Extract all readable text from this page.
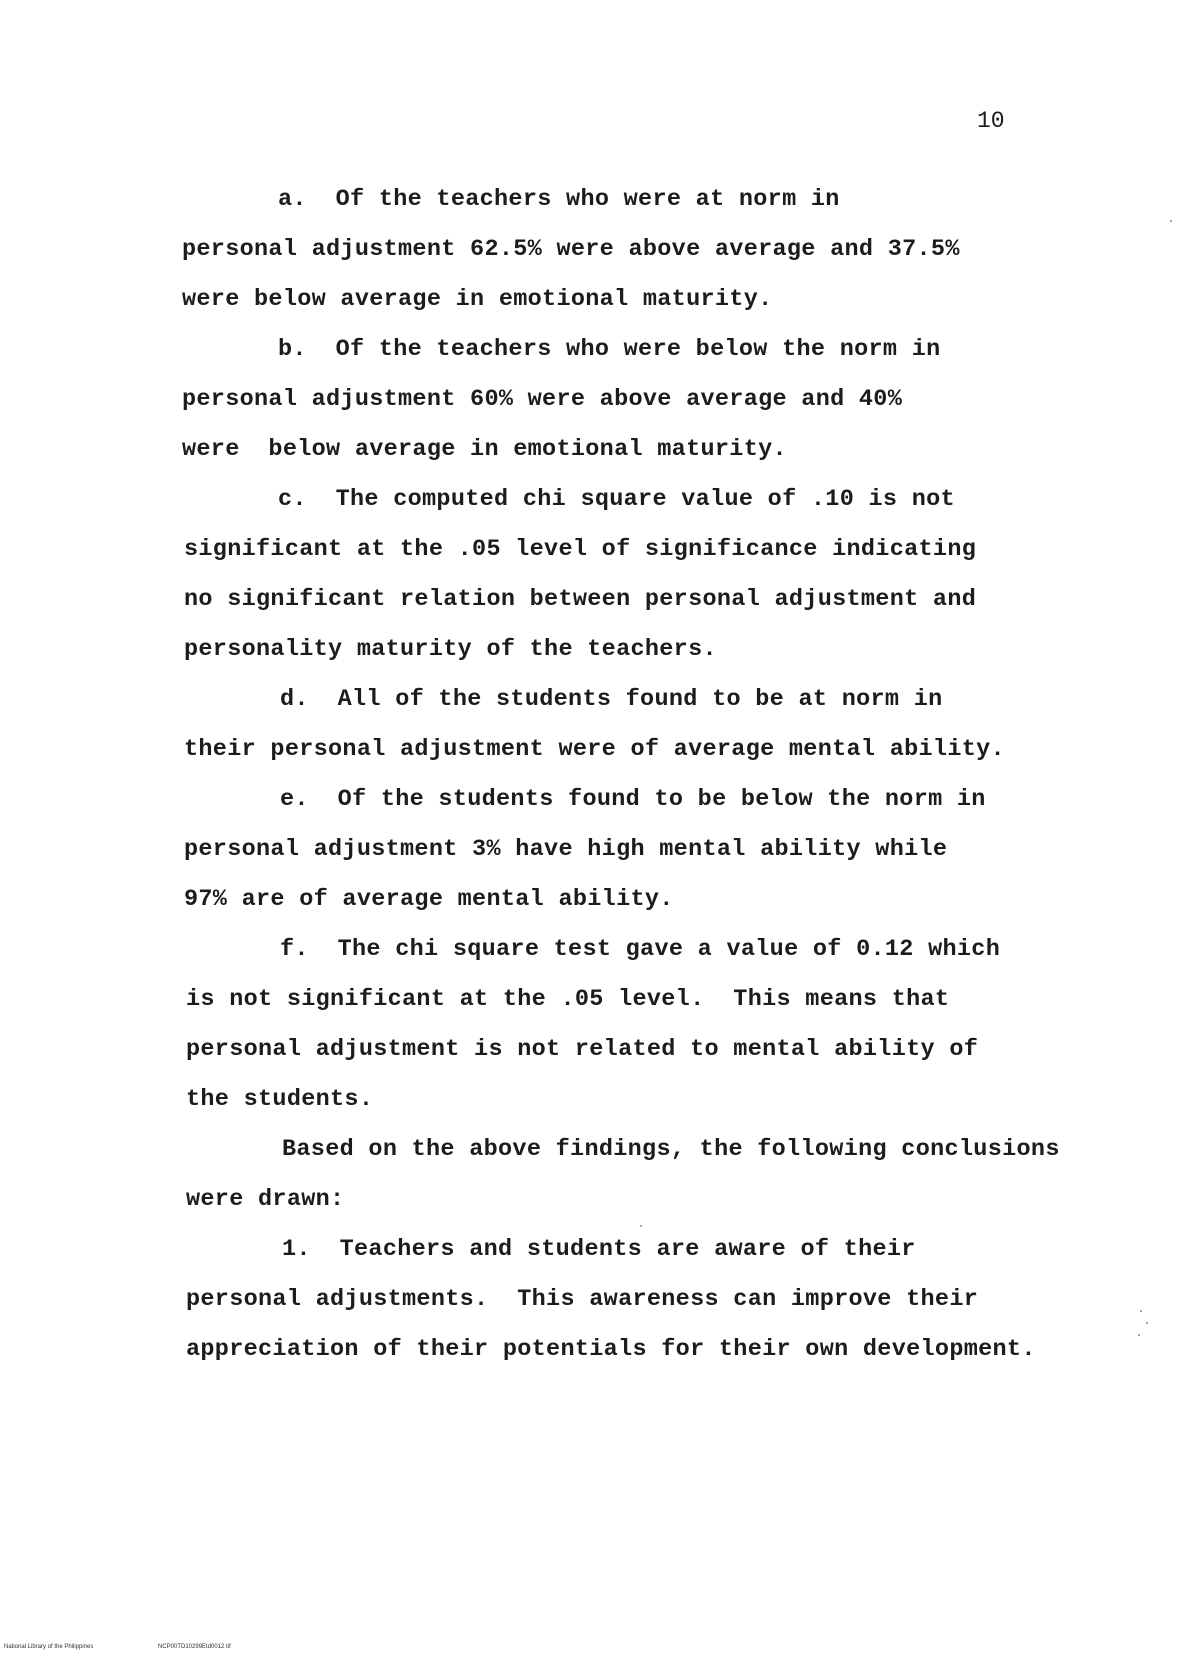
10
a.  Of the teachers who were at norm in
personal adjustment 62.5% were above average and 37.5%
were below average in emotional maturity.
b.  Of the teachers who were below the norm in
personal adjustment 60% were above average and 40%
were  below average in emotional maturity.
c.  The computed chi square value of .10 is not
significant at the .05 level of significance indicating
no significant relation between personal adjustment and
personality maturity of the teachers.
d.  All of the students found to be at norm in
their personal adjustment were of average mental ability.
e.  Of the students found to be below the norm in
personal adjustment 3% have high mental ability while
97% are of average mental ability.
f.  The chi square test gave a value of 0.12 which
is not significant at the .05 level.  This means that
personal adjustment is not related to mental ability of
the students.
Based on the above findings, the following conclusions
were drawn:
1.  Teachers and students are aware of their
personal adjustments.  This awareness can improve their
appreciation of their potentials for their own development.
National Library of the Philippines	NCP00TD10299Etd0012 tif
